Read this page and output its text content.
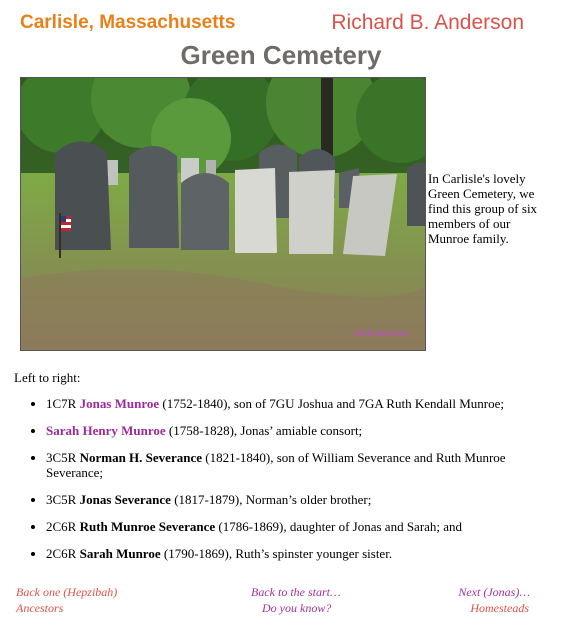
Carlisle, Massachusetts	Richard B. Anderson
Green Cemetery
©R.B.Anderson
In Carlisle's lovely Green Cemetery, we find this group of six members of our Munroe family.
Left to right:
• 1C7R Jonas Munroe (1752-1840), son of 7GU Joshua and 7GA Ruth Kendall Munroe;
• Sarah Henry Munroe (1758-1828), Jonas’ amiable consort;
• 3C5R Norman H. Severance (1821-1840), son of William Severance and Ruth Munroe Severance;
• 3C5R Jonas Severance (1817-1879), Norman’s older brother;
• 2C6R Ruth Munroe Severance (1786-1869), daughter of Jonas and Sarah; and
• 2C6R Sarah Munroe (1790-1869), Ruth’s spinster younger sister.
Back one (Hepzibah)
Ancestors
Back to the start…
Do you know?
Next (Jonas)…
Homesteads
